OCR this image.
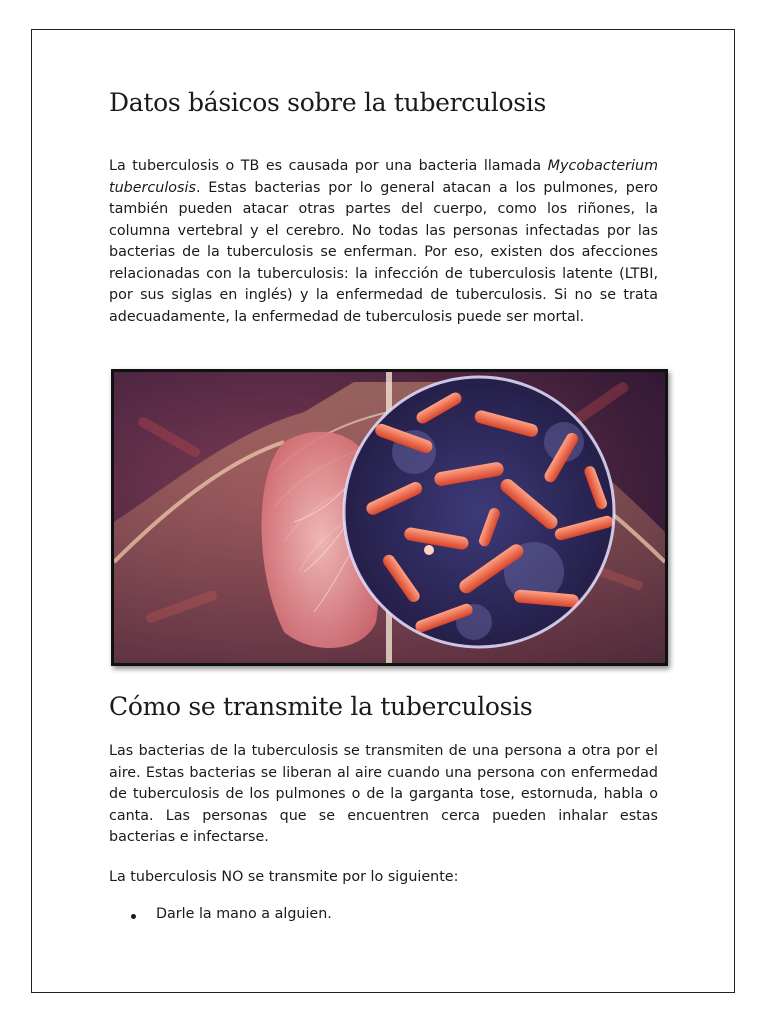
Datos básicos sobre la tuberculosis

La tuberculosis o TB es causada por una bacteria llamada Mycobacterium tuberculosis. Estas bacterias por lo general atacan a los pulmones, pero también pueden atacar otras partes del cuerpo, como los riñones, la columna vertebral y el cerebro. No todas las personas infectadas por las bacterias de la tuberculosis se enferman. Por eso, existen dos afecciones relacionadas con la tuberculosis: la infección de tuberculosis latente (LTBI, por sus siglas en inglés) y la enfermedad de tuberculosis. Si no se trata adecuadamente, la enfermedad de tuberculosis puede ser mortal.

Cómo se transmite la tuberculosis

Las bacterias de la tuberculosis se transmiten de una persona a otra por el aire. Estas bacterias se liberan al aire cuando una persona con enfermedad de tuberculosis de los pulmones o de la garganta tose, estornuda, habla o canta. Las personas que se encuentren cerca pueden inhalar estas bacterias e infectarse.

La tuberculosis NO se transmite por lo siguiente:

Darle la mano a alguien.
